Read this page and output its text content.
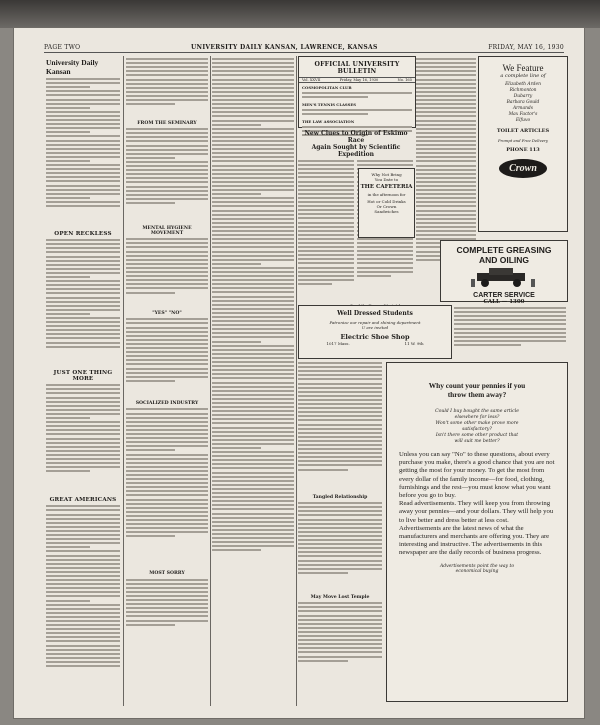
PAGE TWO	UNIVERSITY DAILY KANSAN, LAWRENCE, KANSAS	FRIDAY, MAY 16, 1930
University Daily Kansan
OPEN RECKLESS
JUST ONE THING MORE
GREAT AMERICANS
FROM THE SEMINARY
MENTAL HYGIENE MOVEMENT
"YES" "NO"
SOCIALIZED INDUSTRY
MOST SORRY
OFFICIAL UNIVERSITY BULLETIN
Vol. XXVII	Friday, May 16, 1930	No. 165
COSMOPOLITAN CLUB
MEN'S TENNIS CLASSES
THE LAW ASSOCIATION
New Clues to Origin of Eskimo Race
Again Sought by Scientific Expedition
Why Not Bring
You Date to
THE CAFETERIA
in the afternoon for
Hot or Cold Drinks
Or Crown
Sandwiches
We Feature
a complete line of
Elizabeth Arden
Richmonton
Dubarry
Barbara Gould
Armands
Max Factor's
Elfuvo
TOILET ARTICLES
Prompt and Free Delivery
PHONE 113
Crown
COMPLETE GREASING
AND OILING
CARTER SERVICE
CALL — 1300
Well Dressed Students
Patronize our repair and shining department
U are invited
Electric Shoe Shop
1017 Mass.	11 W. 9th
Tangled Relationship
May Move Lost Temple
Why count your pennies if you
throw them away?
Could I buy bought the same article
elsewhere for less?
Won't some other make prove more
satisfactory?
Isn't there some other product that
will suit me better?
Unless you can say "No" to these questions, about every purchase you make, there's a good chance that you are not getting the most for your money. To get the most from every dollar of the family income—for food, clothing, furnishings and the rest—you must know what you want before you go to buy.
Read advertisements. They will keep you from throwing away your pennies—and your dollars. They will help you to live better and dress better at less cost.
Advertisements are the latest news of what the manufacturers and merchants are offering you. They are interesting and instructive. The advertisements in this newspaper are the daily records of business progress.
Advertisements point the way to
economical buying
